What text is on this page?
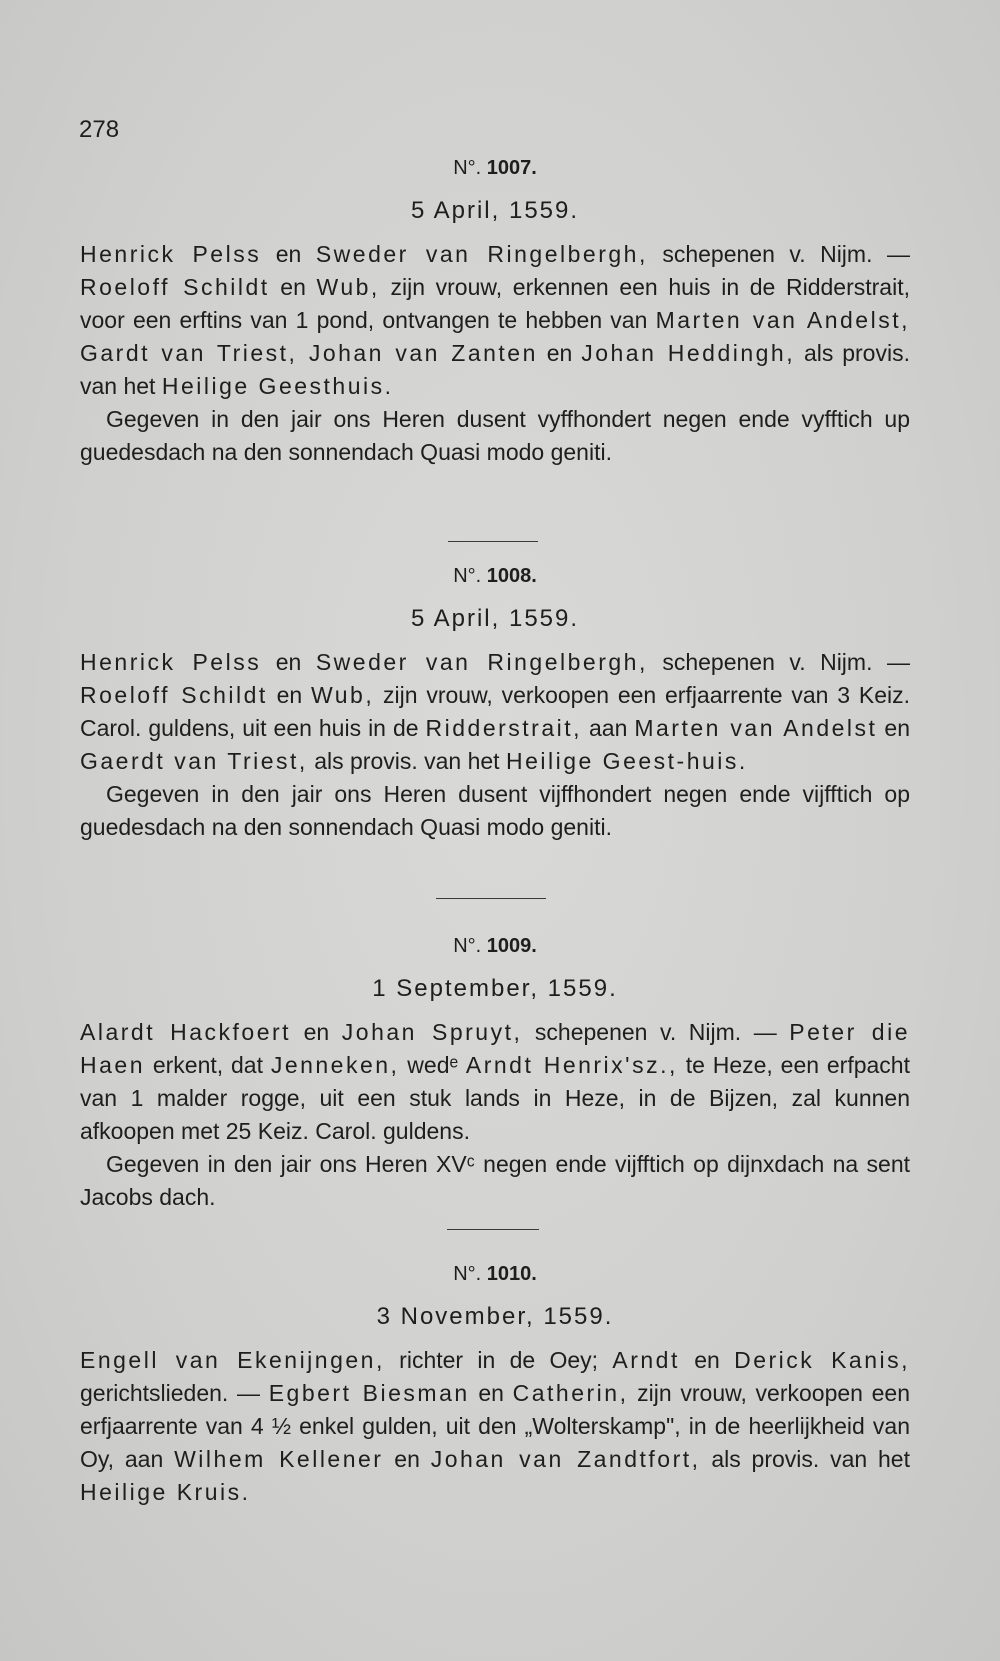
278
N°. 1007.
5 April, 1559.
Henrick Pelss en Sweder van Ringelbergh, schepenen v. Nijm. — Roeloff Schildt en Wub, zijn vrouw, erkennen een huis in de Ridderstrait, voor een erftins van 1 pond, ontvangen te hebben van Marten van Andelst, Gardt van Triest, Johan van Zanten en Johan Heddingh, als provis. van het Heilige Geesthuis.
Gegeven in den jair ons Heren dusent vyffhondert negen ende vyfftich up guedesdach na den sonnendach Quasi modo geniti.
N°. 1008.
5 April, 1559.
Henrick Pelss en Sweder van Ringelbergh, schepenen v. Nijm. — Roeloff Schildt en Wub, zijn vrouw, verkoopen een erfjaarrente van 3 Keiz. Carol. guldens, uit een huis in de Ridderstrait, aan Marten van Andelst en Gaerdt van Triest, als provis. van het Heilige Geest-huis.
Gegeven in den jair ons Heren dusent vijffhondert negen ende vijfftich op guedesdach na den sonnendach Quasi modo geniti.
N°. 1009.
1 September, 1559.
Alardt Hackfoert en Johan Spruyt, schepenen v. Nijm. — Peter die Haen erkent, dat Jenneken, wedᵉ Arndt Henrix'sz., te Heze, een erfpacht van 1 malder rogge, uit een stuk lands in Heze, in de Bijzen, zal kunnen afkoopen met 25 Keiz. Carol. guldens.
Gegeven in den jair ons Heren XVᶜ negen ende vijfftich op dijnxdach na sent Jacobs dach.
N°. 1010.
3 November, 1559.
Engell van Ekenijngen, richter in de Oey; Arndt en Derick Kanis, gerichtslieden. — Egbert Biesman en Catherin, zijn vrouw, verkoopen een erfjaarrente van 4 ½ enkel gulden, uit den „Wolterskamp", in de heerlijkheid van Oy, aan Wilhem Kellener en Johan van Zandtfort, als provis. van het Heilige Kruis.
